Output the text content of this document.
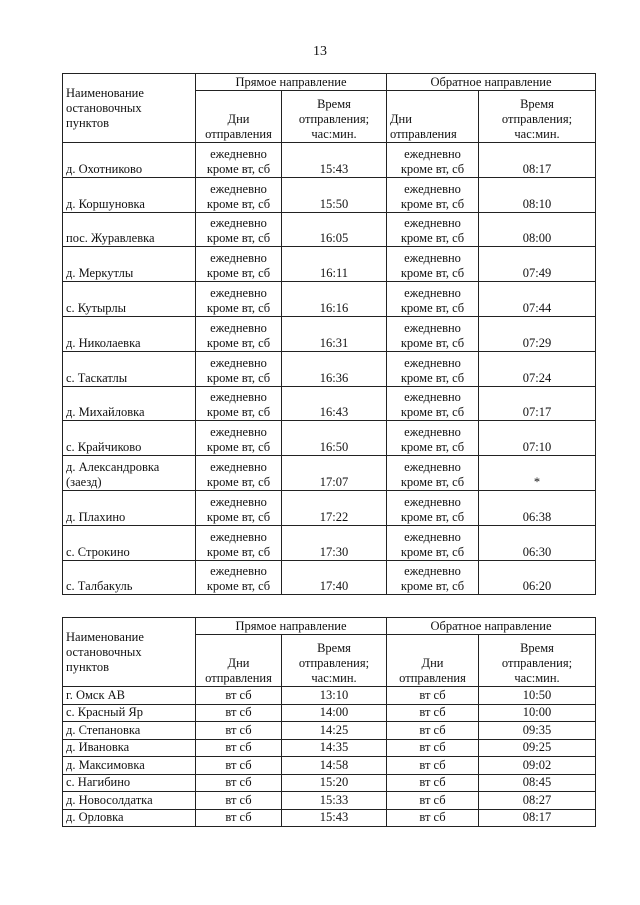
13
Наименование
остановочных
пунктов	Прямое направление		Обратное направление	
	Дни
отправления	Время
отправления;
час:мин.	Дни
отправления	Время
отправления;
час:мин.
д. Охотниково	ежедневно
кроме вт, сб	15:43	ежедневно
кроме вт, сб	08:17
д. Коршуновка	ежедневно
кроме вт, сб	15:50	ежедневно
кроме вт, сб	08:10
пос. Журавлевка	ежедневно
кроме вт, сб	16:05	ежедневно
кроме вт, сб	08:00
д. Меркутлы	ежедневно
кроме вт, сб	16:11	ежедневно
кроме вт, сб	07:49
с. Кутырлы	ежедневно
кроме вт, сб	16:16	ежедневно
кроме вт, сб	07:44
д. Николаевка	ежедневно
кроме вт, сб	16:31	ежедневно
кроме вт, сб	07:29
с. Таскатлы	ежедневно
кроме вт, сб	16:36	ежедневно
кроме вт, сб	07:24
д. Михайловка	ежедневно
кроме вт, сб	16:43	ежедневно
кроме вт, сб	07:17
с. Крайчиково	ежедневно
кроме вт, сб	16:50	ежедневно
кроме вт, сб	07:10
д. Александровка
(заезд)	ежедневно
кроме вт, сб	17:07	ежедневно
кроме вт, сб	*
д. Плахино	ежедневно
кроме вт, сб	17:22	ежедневно
кроме вт, сб	06:38
с. Строкино	ежедневно
кроме вт, сб	17:30	ежедневно
кроме вт, сб	06:30
с. Талбакуль	ежедневно
кроме вт, сб	17:40	ежедневно
кроме вт, сб	06:20
Наименование
остановочных
пунктов	Прямое направление		Обратное направление	
	Дни
отправления	Время
отправления;
час:мин.	Дни
отправления	Время
отправления;
час:мин.
г. Омск АВ	вт сб	13:10	вт сб	10:50
с. Красный Яр	вт сб	14:00	вт сб	10:00
д. Степановка	вт сб	14:25	вт сб	09:35
д. Ивановка	вт сб	14:35	вт сб	09:25
д. Максимовка	вт сб	14:58	вт сб	09:02
с. Нагибино	вт сб	15:20	вт сб	08:45
д. Новосолдатка	вт сб	15:33	вт сб	08:27
д. Орловка	вт сб	15:43	вт сб	08:17
